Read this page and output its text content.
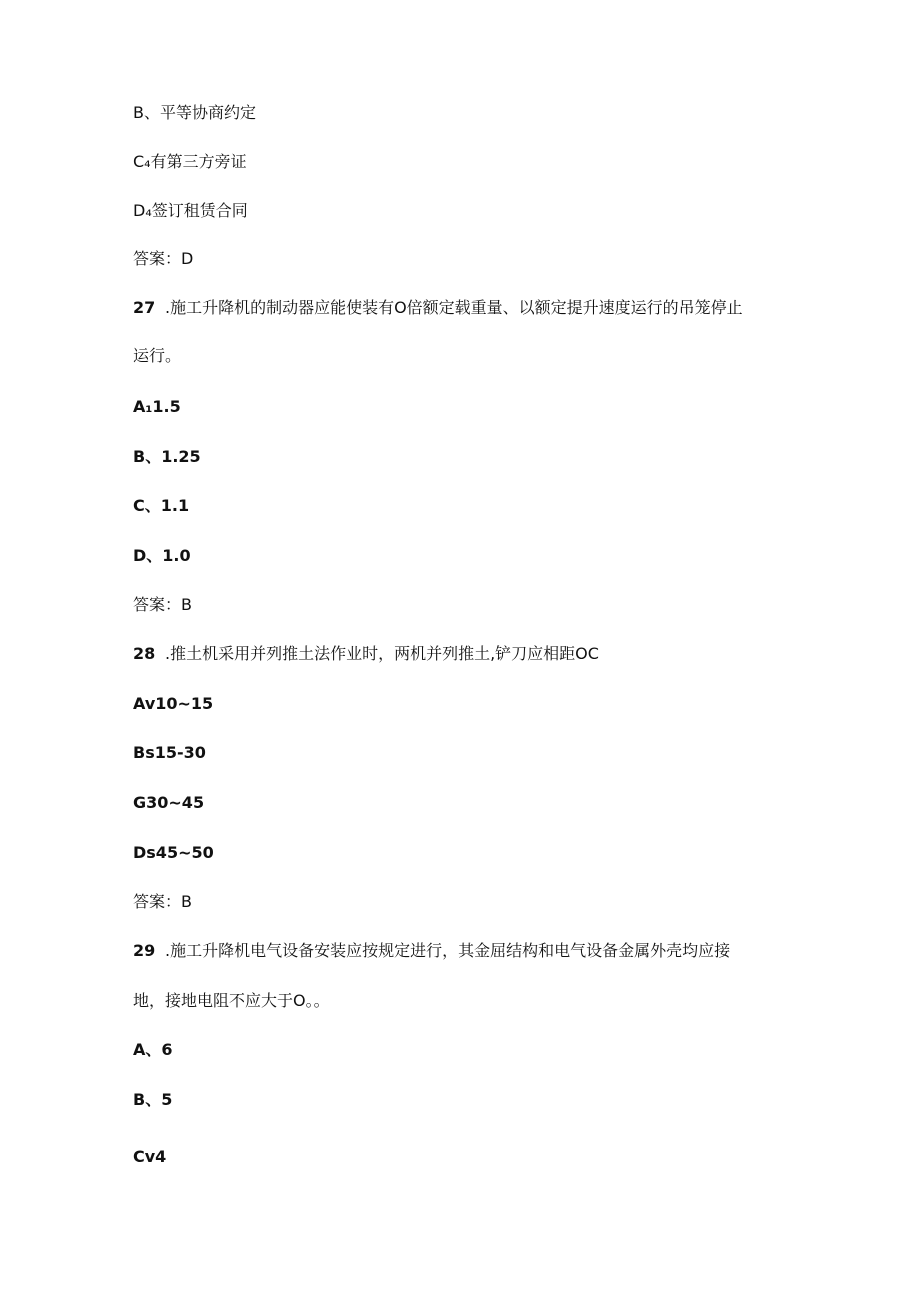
B、平等协商约定
C₄有第三方旁证
D₄签订租赁合同
答案：D
27 .施工升降机的制动器应能使装有O倍额定载重量、以额定提升速度运行的吊笼停止
运行。
A₁1.5
B、1.25
C、1.1
D、1.0
答案：B
28 .推土机采用并列推土法作业时，两机并列推土,铲刀应相距OC
Av10~15
Bs15-30
G30~45
Ds45~50
答案：B
29 .施工升降机电气设备安装应按规定进行，其金屈结构和电气设备金属外壳均应接
地，接地电阻不应大于O。。
A、6
B、5
Cv4
